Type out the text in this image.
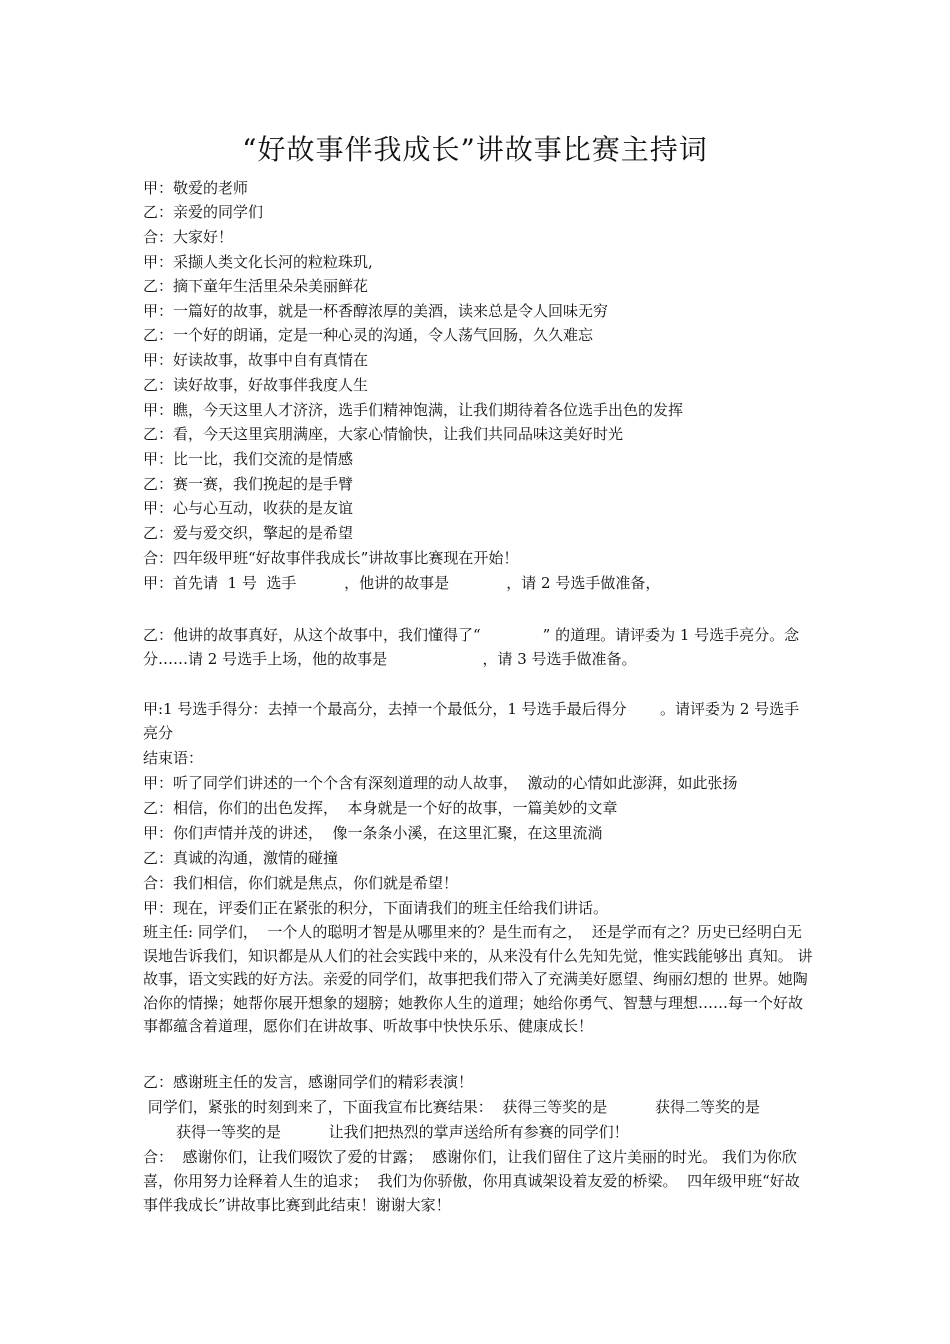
“好故事伴我成长”讲故事比赛主持词
甲：敬爱的老师
乙：亲爱的同学们
合：大家好！
甲：采撷人类文化长河的粒粒珠玑,
乙：摘下童年生活里朵朵美丽鲜花
甲：一篇好的故事，就是一杯香醇浓厚的美酒，读来总是令人回味无穷
乙：一个好的朗诵，定是一种心灵的沟通，令人荡气回肠，久久难忘
甲：好读故事，故事中自有真情在
乙：读好故事，好故事伴我度人生
甲：瞧，今天这里人才济济，选手们精神饱满，让我们期待着各位选手出色的发挥
乙：看，今天这里宾朋满座，大家心情愉快，让我们共同品味这美好时光
甲：比一比，我们交流的是情感
乙：赛一赛，我们挽起的是手臂
甲：心与心互动，收获的是友谊
乙：爱与爱交织，擎起的是希望
合：四年级甲班“好故事伴我成长”讲故事比赛现在开始！
甲：首先请  1 号  选手          ，他讲的故事是            ，请 2 号选手做准备，
乙：他讲的故事真好，从这个故事中，我们懂得了“             ” 的道理。请评委为 1 号选手亮分。念分……请 2 号选手上场，他的故事是                    ，请 3 号选手做准备。
甲:1 号选手得分：去掉一个最高分，去掉一个最低分，1 号选手最后得分       。请评委为 2 号选手亮分
结束语：
甲：听了同学们讲述的一个个含有深刻道理的动人故事，  激动的心情如此澎湃，如此张扬
乙：相信，你们的出色发挥，  本身就是一个好的故事，一篇美妙的文章
甲：你们声情并茂的讲述，  像一条条小溪，在这里汇聚，在这里流淌
乙：真诚的沟通，激情的碰撞
合：我们相信，你们就是焦点，你们就是希望！
甲：现在，评委们正在紧张的积分，下面请我们的班主任给我们讲话。
班主任: 同学们，  一个人的聪明才智是从哪里来的？是生而有之，  还是学而有之？历史已经明白无 误地告诉我们，知识都是从人们的社会实践中来的，从来没有什么先知先觉，惟实践能够出 真知。 讲故事，语文实践的好方法。亲爱的同学们，故事把我们带入了充满美好愿望、绚丽幻想的 世界。她陶冶你的情操；她帮你展开想象的翅膀；她教你人生的道理；她给你勇气、智慧与理想……每一个好故事都蕴含着道理，愿你们在讲故事、听故事中快快乐乐、健康成长！
乙：感谢班主任的发言，感谢同学们的精彩表演！
同学们，紧张的时刻到来了，下面我宣布比赛结果：  获得三等奖的是          获得二等奖的是
获得一等奖的是          让我们把热烈的掌声送给所有参赛的同学们！
合：  感谢你们，让我们啜饮了爱的甘露；  感谢你们，让我们留住了这片美丽的时光。 我们为你欣喜，你用努力诠释着人生的追求；  我们为你骄傲，你用真诚架设着友爱的桥梁。  四年级甲班“好故事伴我成长”讲故事比赛到此结束！谢谢大家！
